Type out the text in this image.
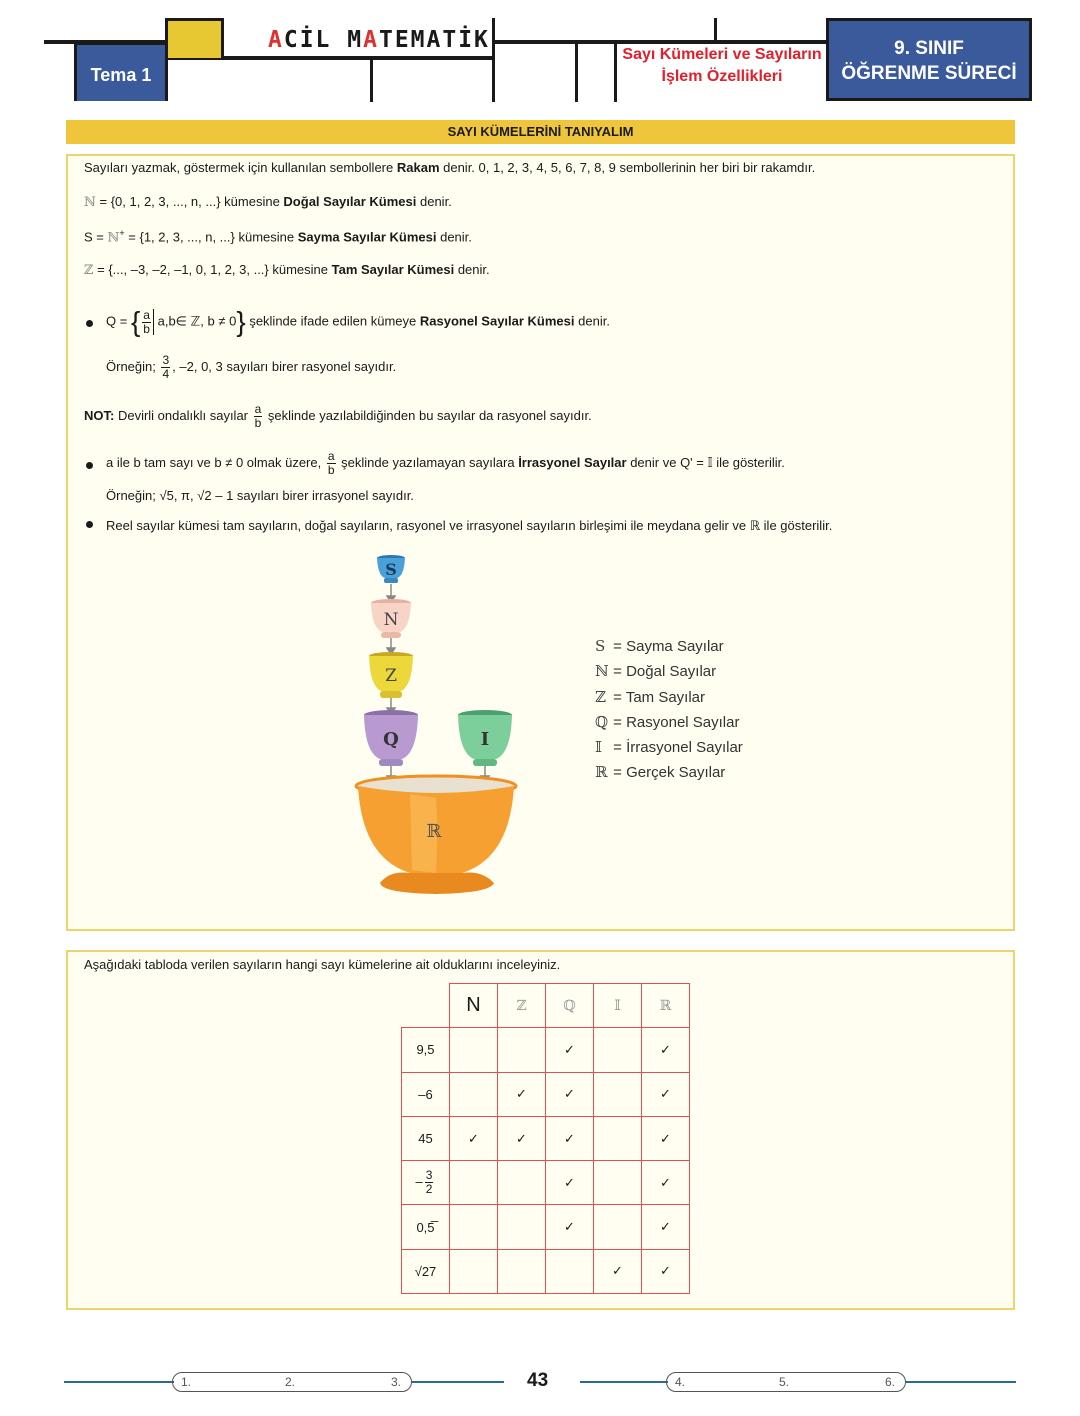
Tema 1
ACİL MATEMATİK
Sayı Kümeleri ve Sayıların
İşlem Özellikleri
9. SINIF
ÖĞRENME SÜRECİ
SAYI KÜMELERİNİ TANIYALIM
Sayıları yazmak, göstermek için kullanılan sembollere Rakam denir. 0, 1, 2, 3, 4, 5, 6, 7, 8, 9 sembollerinin her biri bir rakamdır.
ℕ = {0, 1, 2, 3, ..., n, ...} kümesine Doğal Sayılar Kümesi denir.
S = ℕ+ = {1, 2, 3, ..., n, ...} kümesine Sayma Sayılar Kümesi denir.
ℤ = {..., –3, –2, –1, 0, 1, 2, 3, ...} kümesine Tam Sayılar Kümesi denir.
Q = { $\frac{a}{b}$ a,b∈ ℤ, b ≠ 0} şeklinde ifade edilen kümeye Rasyonel Sayılar Kümesi denir.
Örneğin; $\frac{3}{4}$ , –2, 0, 3 sayıları birer rasyonel sayıdır.
NOT: Devirli ondalıklı sayılar $\frac{a}{b}$ şeklinde yazılabildiğinden bu sayılar da rasyonel sayıdır.
a ile b tam sayı ve b ≠ 0 olmak üzere, $\frac{a}{b}$ şeklinde yazılamayan sayılara İrrasyonel Sayılar denir ve Q' = 𝕀 ile gösterilir.
Örneğin; √5, π, √2 – 1 sayıları birer irrasyonel sayıdır.
Reel sayılar kümesi tam sayıların, doğal sayıların, rasyonel ve irrasyonel sayıların birleşimi ile meydana gelir ve ℝ ile gösterilir.
S
N
Z
Q	I
ℝ
S = Sayma Sayılar
ℕ = Doğal Sayılar
ℤ = Tam Sayılar
ℚ = Rasyonel Sayılar
𝕀 = İrrasyonel Sayılar
ℝ = Gerçek Sayılar
Aşağıdaki tabloda verilen sayıların hangi sayı kümelerine ait olduklarını inceleyiniz.
	N	ℤ	ℚ	𝕀	ℝ
9,5			✓		✓
–6		✓	✓		✓
45	✓	✓	✓		✓
– $\frac{3}{2}$			✓		✓
0,5̅			✓		✓
√27				✓	✓
1.	2.	3.	43	4.	5.	6.
